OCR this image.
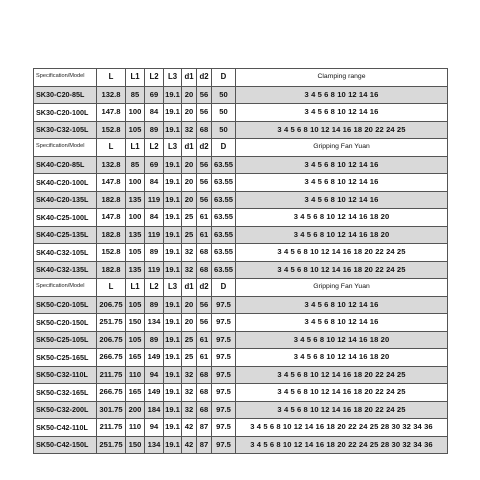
Specification/Model	L	L1	L2	L3	d1	d2	D	Clamping range
SK30-C20-85L	132.8	85	69	19.1	20	56	50	3 4 5 6 8 10 12 14 16
SK30-C20-100L	147.8	100	84	19.1	20	56	50	3 4 5 6 8 10 12 14 16
SK30-C32-105L	152.8	105	89	19.1	32	68	50	3 4 5 6 8 10 12 14 16 18 20 22 24 25
Specification/Model	L	L1	L2	L3	d1	d2	D	Gripping Fan Yuan
SK40-C20-85L	132.8	85	69	19.1	20	56	63.55	3 4 5 6 8 10 12 14 16
SK40-C20-100L	147.8	100	84	19.1	20	56	63.55	3 4 5 6 8 10 12 14 16
SK40-C20-135L	182.8	135	119	19.1	20	56	63.55	3 4 5 6 8 10 12 14 16
SK40-C25-100L	147.8	100	84	19.1	25	61	63.55	3 4 5 6 8 10 12 14 16 18 20
SK40-C25-135L	182.8	135	119	19.1	25	61	63.55	3 4 5 6 8 10 12 14 16 18 20
SK40-C32-105L	152.8	105	89	19.1	32	68	63.55	3 4 5 6 8 10 12 14 16 18 20 22 24 25
SK40-C32-135L	182.8	135	119	19.1	32	68	63.55	3 4 5 6 8 10 12 14 16 18 20 22 24 25
Specification/Model	L	L1	L2	L3	d1	d2	D	Gripping Fan Yuan
SK50-C20-105L	206.75	105	89	19.1	20	56	97.5	3 4 5 6 8 10 12 14 16
SK50-C20-150L	251.75	150	134	19.1	20	56	97.5	3 4 5 6 8 10 12 14 16
SK50-C25-105L	206.75	105	89	19.1	25	61	97.5	3 4 5 6 8 10 12 14 16 18 20
SK50-C25-165L	266.75	165	149	19.1	25	61	97.5	3 4 5 6 8 10 12 14 16 18 20
SK50-C32-110L	211.75	110	94	19.1	32	68	97.5	3 4 5 6 8 10 12 14 16 18 20 22 24 25
SK50-C32-165L	266.75	165	149	19.1	32	68	97.5	3 4 5 6 8 10 12 14 16 18 20 22 24 25
SK50-C32-200L	301.75	200	184	19.1	32	68	97.5	3 4 5 6 8 10 12 14 16 18 20 22 24 25
SK50-C42-110L	211.75	110	94	19.1	42	87	97.5	3 4 5 6 8 10 12 14 16 18 20 22 24 25 28 30 32 34 36
SK50-C42-150L	251.75	150	134	19.1	42	87	97.5	3 4 5 6 8 10 12 14 16 18 20 22 24 25 28 30 32 34 36
